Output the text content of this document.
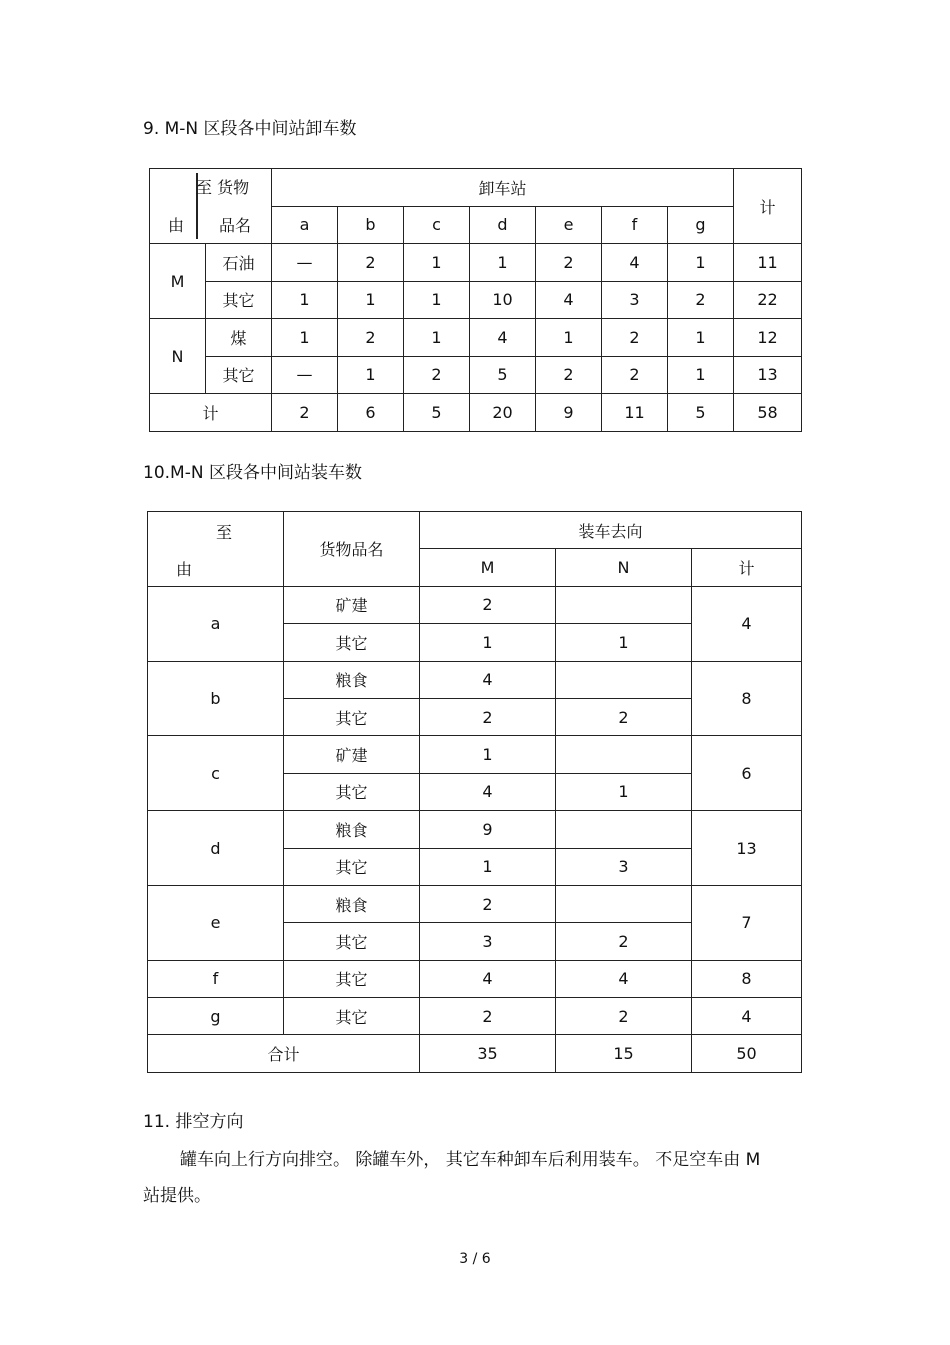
9. M-N 区段各中间站卸车数
至 货物
品名
由		卸车站							计
		a	b	c	d	e	f	g	
M	石油	—	2	1	1	2	4	1	11
	其它	1	1	1	10	4	3	2	22
N	煤	1	2	1	4	1	2	1	12
	其它	—	1	2	5	2	2	1	13
计		2	6	5	20	9	11	5	58
10.M-N 区段各中间站装车数
至
由	货物品名	装车去向		
		M	N	计
a	矿建	2		4
	其它	1	1	
b	粮食	4		8
	其它	2	2	
c	矿建	1		6
	其它	4	1	
d	粮食	9		13
	其它	1	3	
e	粮食	2		7
	其它	3	2	
f	其它	4	4	8
g	其它	2	2	4
合计		35	15	50
11. 排空方向
罐车向上行方向排空。 除罐车外， 其它车种卸车后利用装车。 不足空车由 M
站提供。
3 / 6
